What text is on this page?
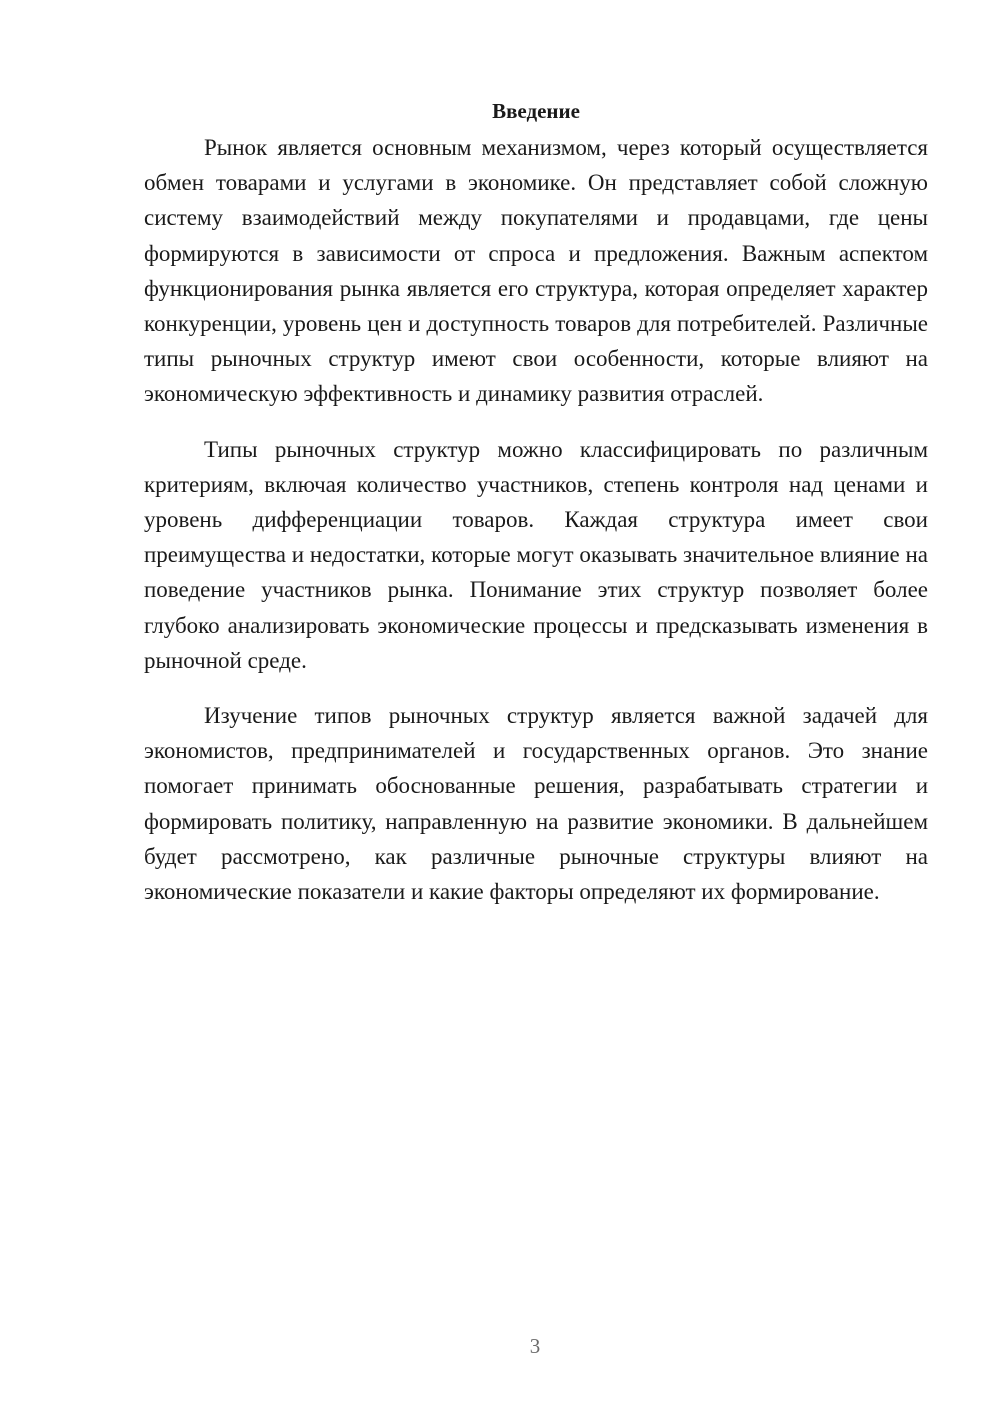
Введение

Рынок является основным механизмом, через который осуществляется обмен товарами и услугами в экономике. Он представляет собой сложную систему взаимодействий между покупателями и продавцами, где цены формируются в зависимости от спроса и предложения. Важным аспектом функционирования рынка является его структура, которая определяет характер конкуренции, уровень цен и доступность товаров для потребителей. Различные типы рыночных структур имеют свои особенности, которые влияют на экономическую эффективность и динамику развития отраслей.

Типы рыночных структур можно классифицировать по различным критериям, включая количество участников, степень контроля над ценами и уровень дифференциации товаров. Каждая структура имеет свои преимущества и недостатки, которые могут оказывать значительное влияние на поведение участников рынка. Понимание этих структур позволяет более глубоко анализировать экономические процессы и предсказывать изменения в рыночной среде.

Изучение типов рыночных структур является важной задачей для экономистов, предпринимателей и государственных органов. Это знание помогает принимать обоснованные решения, разрабатывать стратегии и формировать политику, направленную на развитие экономики. В дальнейшем будет рассмотрено, как различные рыночные структуры влияют на экономические показатели и какие факторы определяют их формирование.

3
